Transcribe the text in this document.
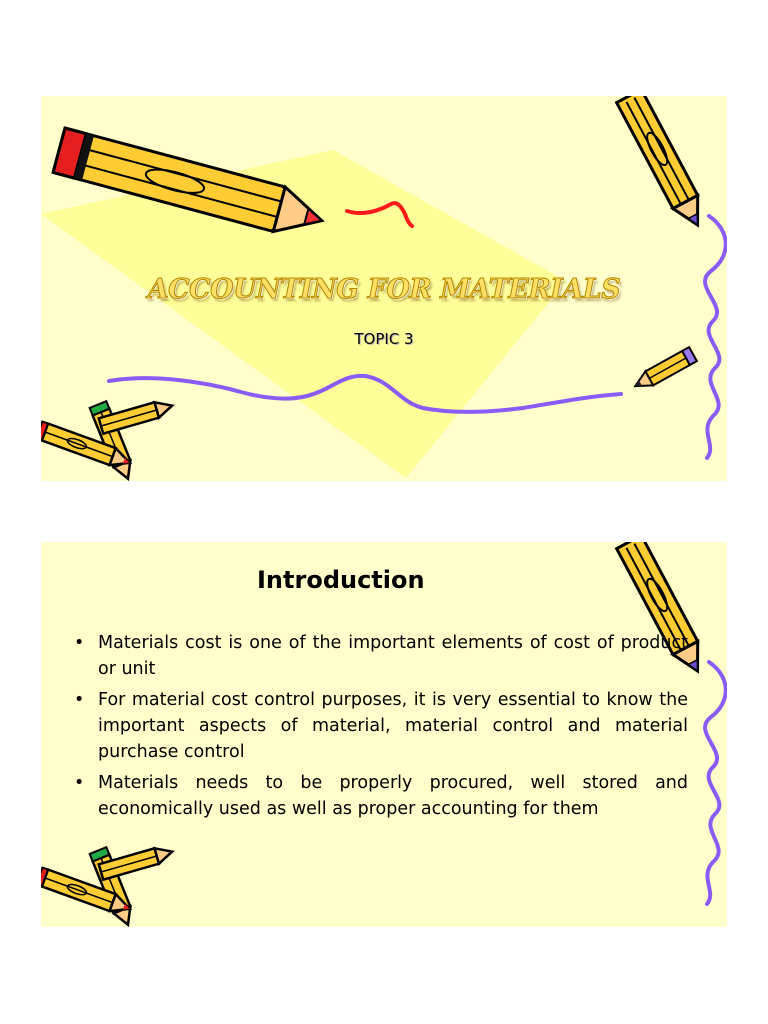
ACCOUNTING FOR MATERIALS
TOPIC 3
Introduction
• Materials cost is one of the important elements of cost of product or unit
• For material cost control purposes, it is very essential to know the important aspects of material, material control and material purchase control
• Materials needs to be properly procured, well stored and economically used as well as proper accounting for them
